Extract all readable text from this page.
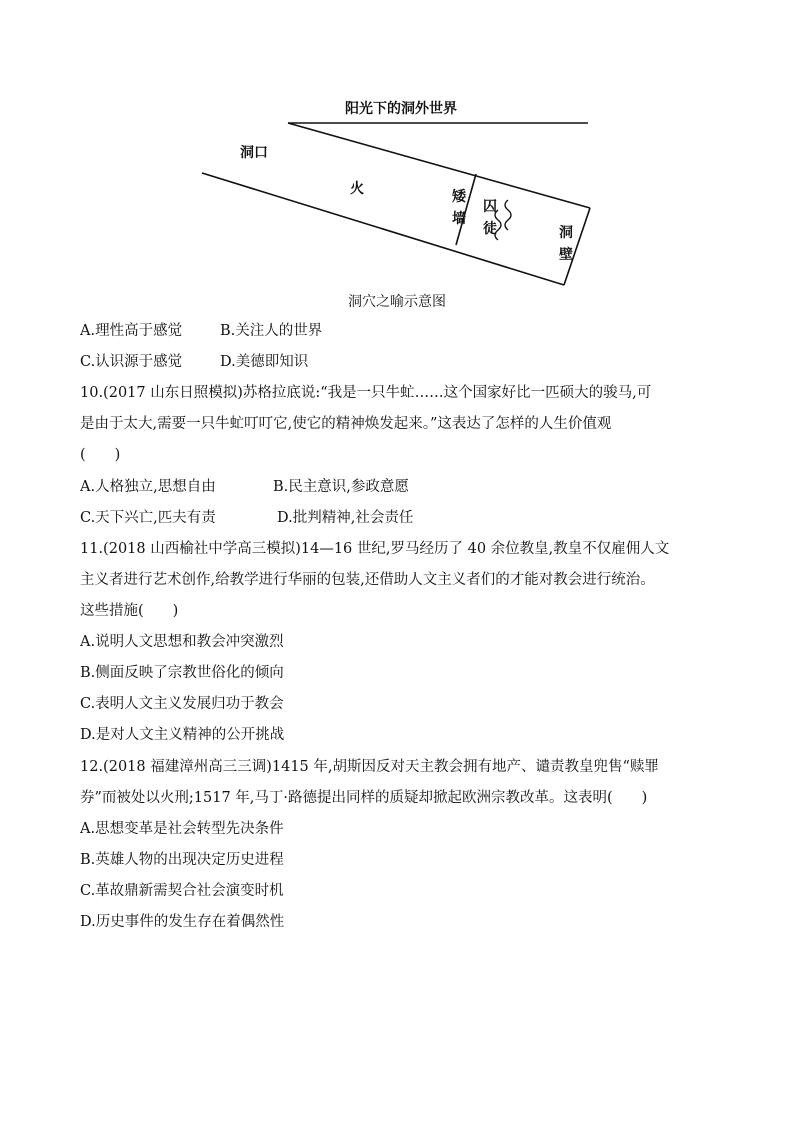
阳光下的洞外世界
洞口
火	矮墙
囚徒	洞壁
洞穴之喻示意图
A.理性高于感觉	B.关注人的世界
C.认识源于感觉	D.美德即知识
10.(2017 山东日照模拟)苏格拉底说:“我是一只牛虻……这个国家好比一匹硕大的骏马,可
是由于太大,需要一只牛虻叮叮它,使它的精神焕发起来。”这表达了怎样的人生价值观
(　　)
A.人格独立,思想自由	B.民主意识,参政意愿
C.天下兴亡,匹夫有责	D.批判精神,社会责任
11.(2018 山西榆社中学高三模拟)14—16 世纪,罗马经历了 40 余位教皇,教皇不仅雇佣人文
主义者进行艺术创作,给教学进行华丽的包装,还借助人文主义者们的才能对教会进行统治。
这些措施(　　)
A.说明人文思想和教会冲突激烈
B.侧面反映了宗教世俗化的倾向
C.表明人文主义发展归功于教会
D.是对人文主义精神的公开挑战
12.(2018 福建漳州高三三调)1415 年,胡斯因反对天主教会拥有地产、谴责教皇兜售“赎罪
券”而被处以火刑;1517 年,马丁·路德提出同样的质疑却掀起欧洲宗教改革。这表明(　　)
A.思想变革是社会转型先决条件
B.英雄人物的出现决定历史进程
C.革故鼎新需契合社会演变时机
D.历史事件的发生存在着偶然性
